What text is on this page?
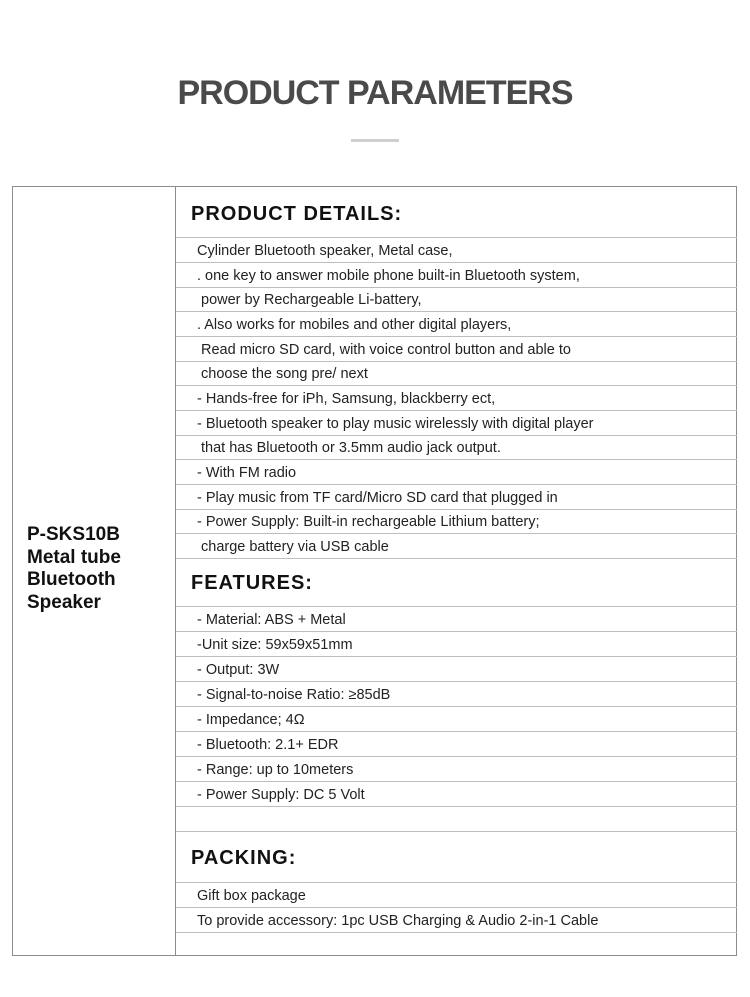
PRODUCT PARAMETERS
P-SKS10B
Metal tube
Bluetooth
Speaker
PRODUCT DETAILS:
Cylinder Bluetooth speaker, Metal case,
. one key to answer mobile phone built-in Bluetooth system,
power by Rechargeable Li-battery,
. Also works for mobiles and other digital players,
Read micro SD card, with voice control button and able to
choose the song pre/ next
- Hands-free for iPh, Samsung, blackberry ect,
- Bluetooth speaker to play music wirelessly with digital player
that has Bluetooth or 3.5mm audio jack output.
- With FM radio
- Play music from TF card/Micro SD card that plugged in
- Power Supply: Built-in rechargeable Lithium battery;
charge battery via USB cable
FEATURES:
- Material: ABS + Metal
-Unit size: 59x59x51mm
- Output: 3W
- Signal-to-noise Ratio: ≥85dB
- Impedance; 4Ω
- Bluetooth: 2.1+ EDR
- Range: up to 10meters
- Power Supply: DC 5 Volt
PACKING:
Gift box package
To provide accessory: 1pc USB Charging & Audio 2-in-1 Cable
